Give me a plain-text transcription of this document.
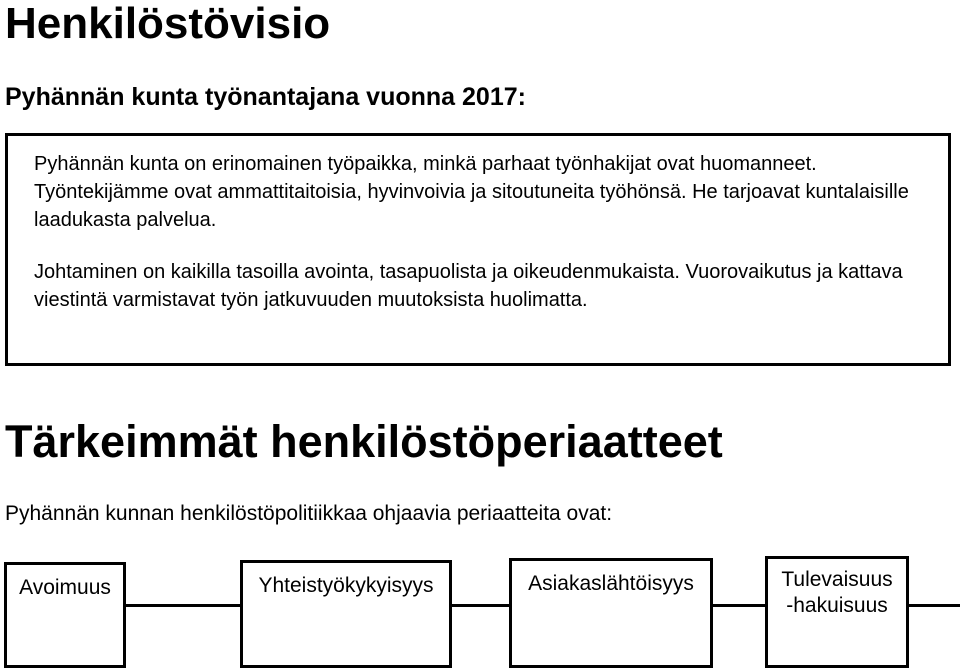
Henkilöstövisio
Pyhännän kunta työnantajana vuonna 2017:

Pyhännän kunta on erinomainen työpaikka, minkä parhaat työnhakijat ovat huomanneet. Työntekijämme ovat ammattitaitoisia, hyvinvoivia ja sitoutuneita työhönsä. He tarjoavat kuntalaisille laadukasta palvelua.

Johtaminen on kaikilla tasoilla avointa, tasapuolista ja oikeudenmukaista. Vuorovaikutus ja kattava viestintä varmistavat työn jatkuvuuden muutoksista huolimatta.

Tärkeimmät henkilöstöperiaatteet

Pyhännän kunnan henkilöstöpolitiikkaa ohjaavia periaatteita ovat:

Avoimuus	Yhteistyökykyisyys	Asiakaslähtöisyys	Tulevaisuus
-hakuisuus
